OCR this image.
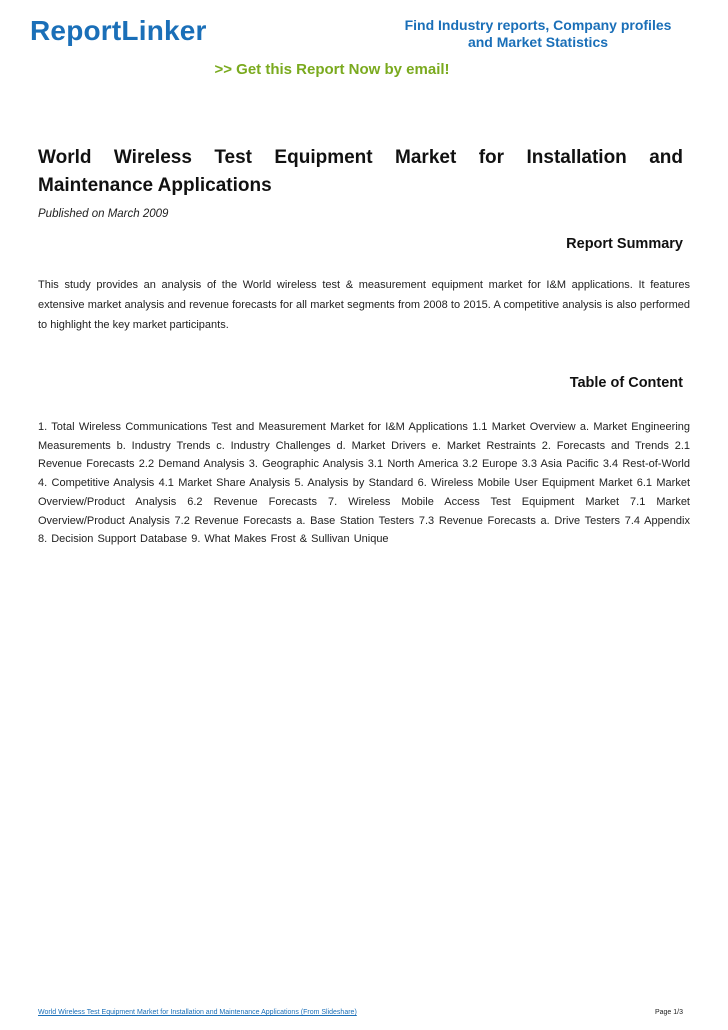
ReportLinker	Find Industry reports, Company profiles
and Market Statistics
>> Get this Report Now by email!
World Wireless Test Equipment Market for Installation and Maintenance Applications
Published on March 2009
Report Summary

This study provides an analysis of the World wireless test & measurement equipment market for I&M applications. It features extensive market analysis and revenue forecasts for all market segments from 2008 to 2015. A competitive analysis is also performed to highlight the key market participants.

Table of Content

1. Total Wireless Communications Test and Measurement Market for I&M Applications 1.1 Market Overview a. Market Engineering Measurements b. Industry Trends c. Industry Challenges d. Market Drivers e. Market Restraints 2. Forecasts and Trends 2.1 Revenue Forecasts 2.2 Demand Analysis 3. Geographic Analysis 3.1 North America 3.2 Europe 3.3 Asia Pacific 3.4 Rest-of-World 4. Competitive Analysis 4.1 Market Share Analysis 5. Analysis by Standard 6. Wireless Mobile User Equipment Market 6.1 Market Overview/Product Analysis 6.2 Revenue Forecasts 7. Wireless Mobile Access Test Equipment Market 7.1 Market Overview/Product Analysis 7.2 Revenue Forecasts a. Base Station Testers 7.3 Revenue Forecasts a. Drive Testers 7.4 Appendix 8. Decision Support Database 9. What Makes Frost & Sullivan Unique

World Wireless Test Equipment Market for Installation and Maintenance Applications (From Slideshare)	Page 1/3
